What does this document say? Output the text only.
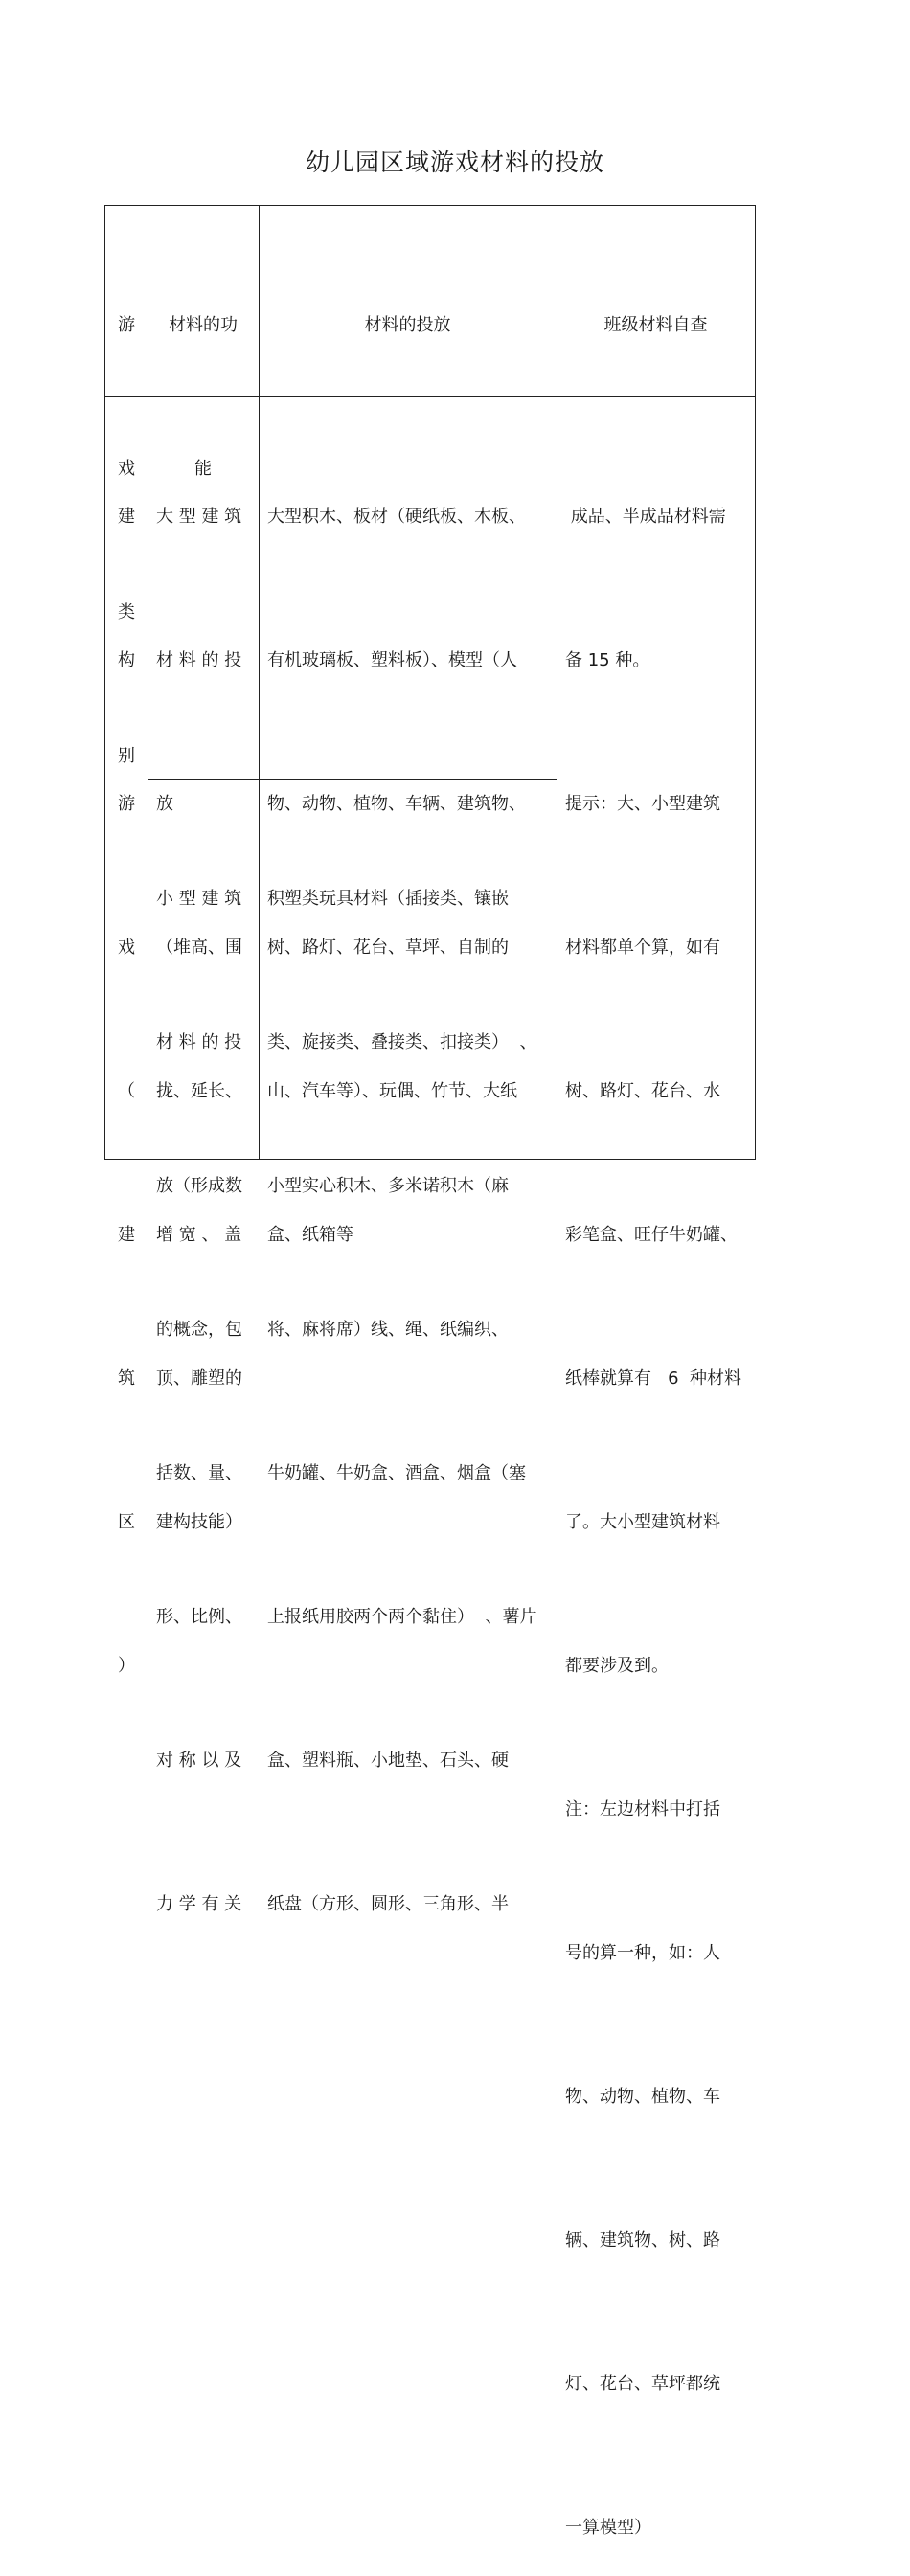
幼儿园区域游戏材料的投放

游

戏

类

别

材料的功

能

材料的投放

	班级材料自查

建

构

游

戏

（

建

筑

区

）

大 型 建 筑

材 料 的 投

放

（堆高、围

拢、延长、

增 宽 、 盖

顶、雕塑的

建构技能）

大型积木、板材（硬纸板、木板、

有机玻璃板、塑料板）、模型（人

物、动物、植物、车辆、建筑物、

树、路灯、花台、草坪、自制的

山、汽车等）、玩偶、竹节、大纸

盒、纸箱等

小 型 建 筑

材 料 的 投

放（形成数

的概念，包

括数、量、

形、比例、

对 称 以 及

力 学 有 关

积塑类玩具材料（插接类、镶嵌

类、旋接类、叠接类、扣接类）  、

小型实心积木、多米诺积木（麻

将、麻将席）线、绳、纸编织、

牛奶罐、牛奶盒、酒盒、烟盒（塞

上报纸用胶两个两个黏住）  、薯片

盒、塑料瓶、小地垫、石头、硬

纸盘（方形、圆形、三角形、半

成品、半成品材料需

备 15 种。

提示：大、小型建筑

材料都单个算，如有

树、路灯、花台、水

彩笔盒、旺仔牛奶罐、

纸棒就算有   6  种材料

了。大小型建筑材料

都要涉及到。

注：左边材料中打括

号的算一种，如：人

物、动物、植物、车

辆、建筑物、树、路

灯、花台、草坪都统

一算模型）
